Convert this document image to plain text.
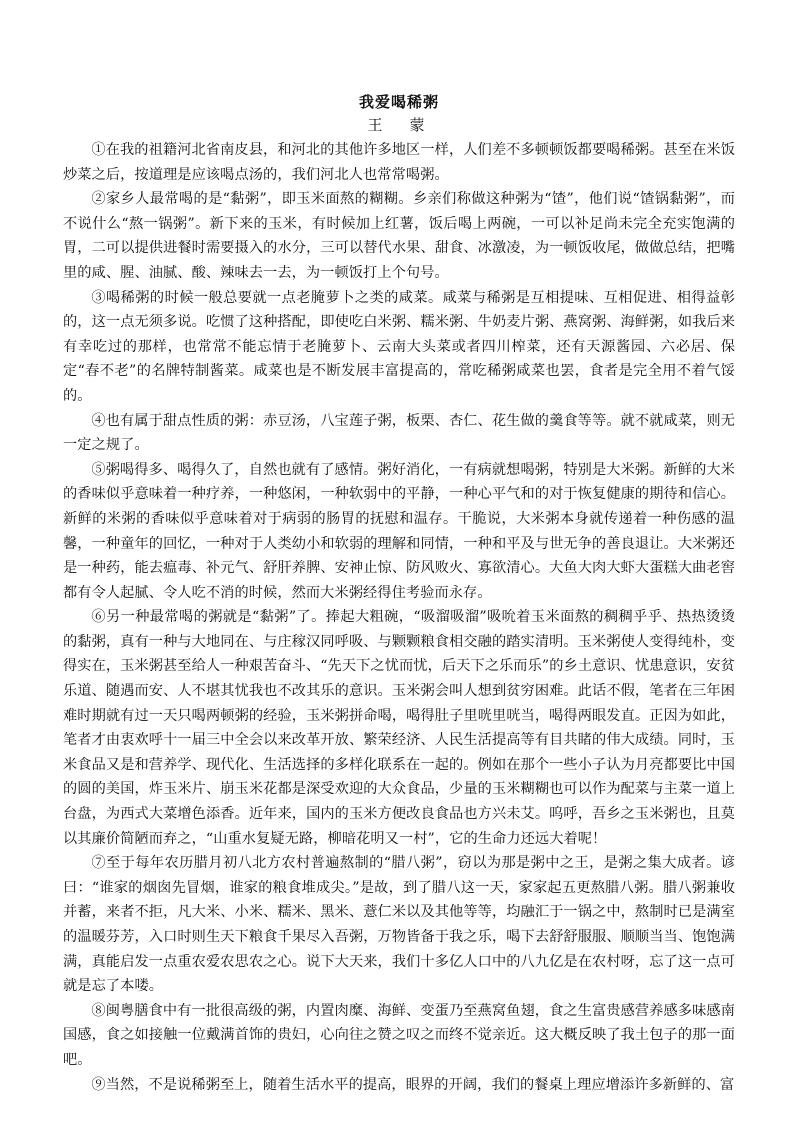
我爱喝稀粥
王　蒙

①在我的祖籍河北省南皮县，和河北的其他许多地区一样，人们差不多顿顿饭都要喝稀粥。甚至在米饭炒菜之后，按道理是应该喝点汤的，我们河北人也常常喝粥。

②家乡人最常喝的是“黏粥”，即玉米面熬的糊糊。乡亲们称做这种粥为“馇”，他们说“馇锅黏粥”，而不说什么“熬一锅粥”。新下来的玉米，有时候加上红薯，饭后喝上两碗，一可以补足尚未完全充实饱满的胃，二可以提供进餐时需要摄入的水分，三可以替代水果、甜食、冰激凌，为一顿饭收尾，做做总结，把嘴里的咸、腥、油腻、酸、辣味去一去，为一顿饭打上个句号。

③喝稀粥的时候一般总要就一点老腌萝卜之类的咸菜。咸菜与稀粥是互相提味、互相促进、相得益彰的，这一点无须多说。吃惯了这种搭配，即使吃白米粥、糯米粥、牛奶麦片粥、燕窝粥、海鲜粥，如我后来有幸吃过的那样，也常常不能忘情于老腌萝卜、云南大头菜或者四川榨菜，还有天源酱园、六必居、保定“春不老”的名牌特制酱菜。咸菜也是不断发展丰富提高的，常吃稀粥咸菜也罢，食者是完全用不着气馁的。

④也有属于甜点性质的粥：赤豆汤，八宝莲子粥，板栗、杏仁、花生做的羹食等等。就不就咸菜，则无一定之规了。

⑤粥喝得多、喝得久了，自然也就有了感情。粥好消化，一有病就想喝粥，特别是大米粥。新鲜的大米的香味似乎意味着一种疗养，一种悠闲，一种软弱中的平静，一种心平气和的对于恢复健康的期待和信心。新鲜的米粥的香味似乎意味着对于病弱的肠胃的抚慰和温存。干脆说，大米粥本身就传递着一种伤感的温馨，一种童年的回忆，一种对于人类幼小和软弱的理解和同情，一种和平及与世无争的善良退让。大米粥还是一种药，能去瘟毒、补元气、舒肝养脾、安神止惊、防风败火、寡欲清心。大鱼大肉大虾大蛋糕大曲老窖都有令人起腻、令人吃不消的时候，然而大米粥经得住考验而永存。

⑥另一种最常喝的粥就是“黏粥”了。捧起大粗碗，“吸溜吸溜”吸吮着玉米面熬的稠稠乎乎、热热烫烫的黏粥，真有一种与大地同在、与庄稼汉同呼吸、与颗颗粮食相交融的踏实清明。玉米粥使人变得纯朴，变得实在，玉米粥甚至给人一种艰苦奋斗、“先天下之忧而忧，后天下之乐而乐”的乡土意识、忧患意识，安贫乐道、随遇而安、人不堪其忧我也不改其乐的意识。玉米粥会叫人想到贫穷困难。此话不假，笔者在三年困难时期就有过一天只喝两顿粥的经验，玉米粥拼命喝，喝得肚子里咣里咣当，喝得两眼发直。正因为如此，笔者才由衷欢呼十一届三中全会以来改革开放、繁荣经济、人民生活提高等有目共睹的伟大成绩。同时，玉米食品又是和营养学、现代化、生活选择的多样化联系在一起的。例如在那个一些小子认为月亮都要比中国的圆的美国，炸玉米片、崩玉米花都是深受欢迎的大众食品，少量的玉米糊糊也可以作为配菜与主菜一道上台盘，为西式大菜增色添香。近年来，国内的玉米方便改良食品也方兴未艾。呜呼，吾乡之玉米粥也，且莫以其廉价简陋而弃之，“山重水复疑无路，柳暗花明又一村”，它的生命力还远大着呢！

⑦至于每年农历腊月初八北方农村普遍熬制的“腊八粥”，窃以为那是粥中之王，是粥之集大成者。谚曰：“谁家的烟囱先冒烟，谁家的粮食堆成尖。”是故，到了腊八这一天，家家起五更熬腊八粥。腊八粥兼收并蓄，来者不拒，凡大米、小米、糯米、黑米、薏仁米以及其他等等，均融汇于一锅之中，熬制时已是满室的温暖芬芳，入口时则生天下粮食千果尽入吾粥，万物皆备于我之乐，喝下去舒舒服服、顺顺当当、饱饱满满，真能启发一点重农爱农思农之心。说下大天来，我们十多亿人口中的八九亿是在农村呀，忘了这一点可就是忘了本喽。

⑧闽粤膳食中有一批很高级的粥，内置肉糜、海鲜、变蛋乃至燕窝鱼翅，食之生富贵感营养感多味感南国感，食之如接触一位戴满首饰的贵妇，心向往之赞之叹之而终不觉亲近。这大概反映了我土包子的那一面吧。

⑨当然，不是说稀粥至上，随着生活水平的提高，眼界的开阔，我们的餐桌上理应增添许多新鲜的、富
